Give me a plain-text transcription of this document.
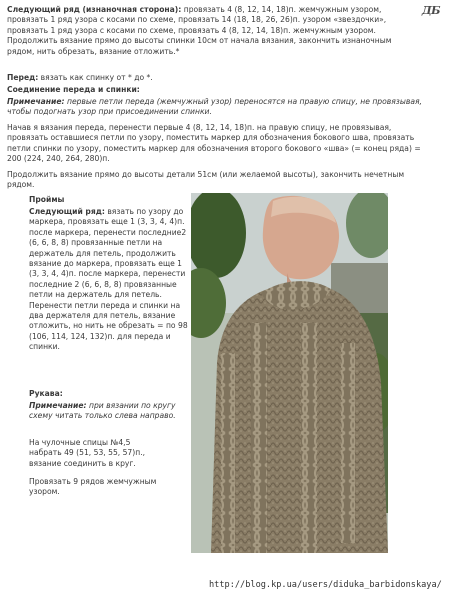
ДБ
Следующий ряд (изнаночная сторона): провязать 4 (8, 12, 14, 18)п. жемчужным узором, провязать 1 ряд узора с косами по схеме, провязать 14 (18, 18, 26, 26)п. узором «звездочки», провязать 1 ряд узора с косами по схеме, провязать 4 (8, 12, 14, 18)п. жемчужным узором. Продолжить вязание прямо до высоты спинки 10см от начала вязания, закончить изнаночным рядом, нить обрезать, вязание отложить.*
Перед: вязать как спинку от * до *.
Соединение переда и спинки:
Примечание: первые петли переда (жемчужный узор) переносятся на правую спицу, не провязывая, чтобы подогнать узор при присоединении спинки.
Начав я вязания переда, перенести первые 4 (8, 12, 14, 18)п. на правую спицу, не провязывая, провязать оставшиеся петли по узору, поместить маркер для обозначения бокового шва, провязать петли спинки по узору, поместить маркер для обозначения второго бокового «шва» (= конец ряда) = 200 (224, 240, 264, 280)п.
Продолжить вязание прямо до высоты детали 51см (или желаемой высоты), закончить нечетным рядом.
Проймы
Следующий ряд: вязать по узору до маркера, провязать еще 1 (3, 3, 4, 4)п. после маркера, перенести последние2 (6, 6, 8, 8) провязанные петли на держатель для петель, продолжить вязание до маркера, провязать еще 1 (3, 3, 4, 4)п. после маркера, перенести последние 2 (6, 6, 8, 8) провязанные петли на держатель для петель. Перенести петли переда и спинки на два держателя для петель, вязание отложить, но нить не обрезать = по 98 (106, 114, 124, 132)п. для переда и спинки.
Рукава:
Примечание: при вязании по кругу схему читать только слева направо.
На чулочные спицы №4,5 набрать 49 (51, 53, 55, 57)п., вязание соединить в круг.
Провязать 9 рядов жемчужным узором.
http://blog.kp.ua/users/diduka_barbidonskaya/
